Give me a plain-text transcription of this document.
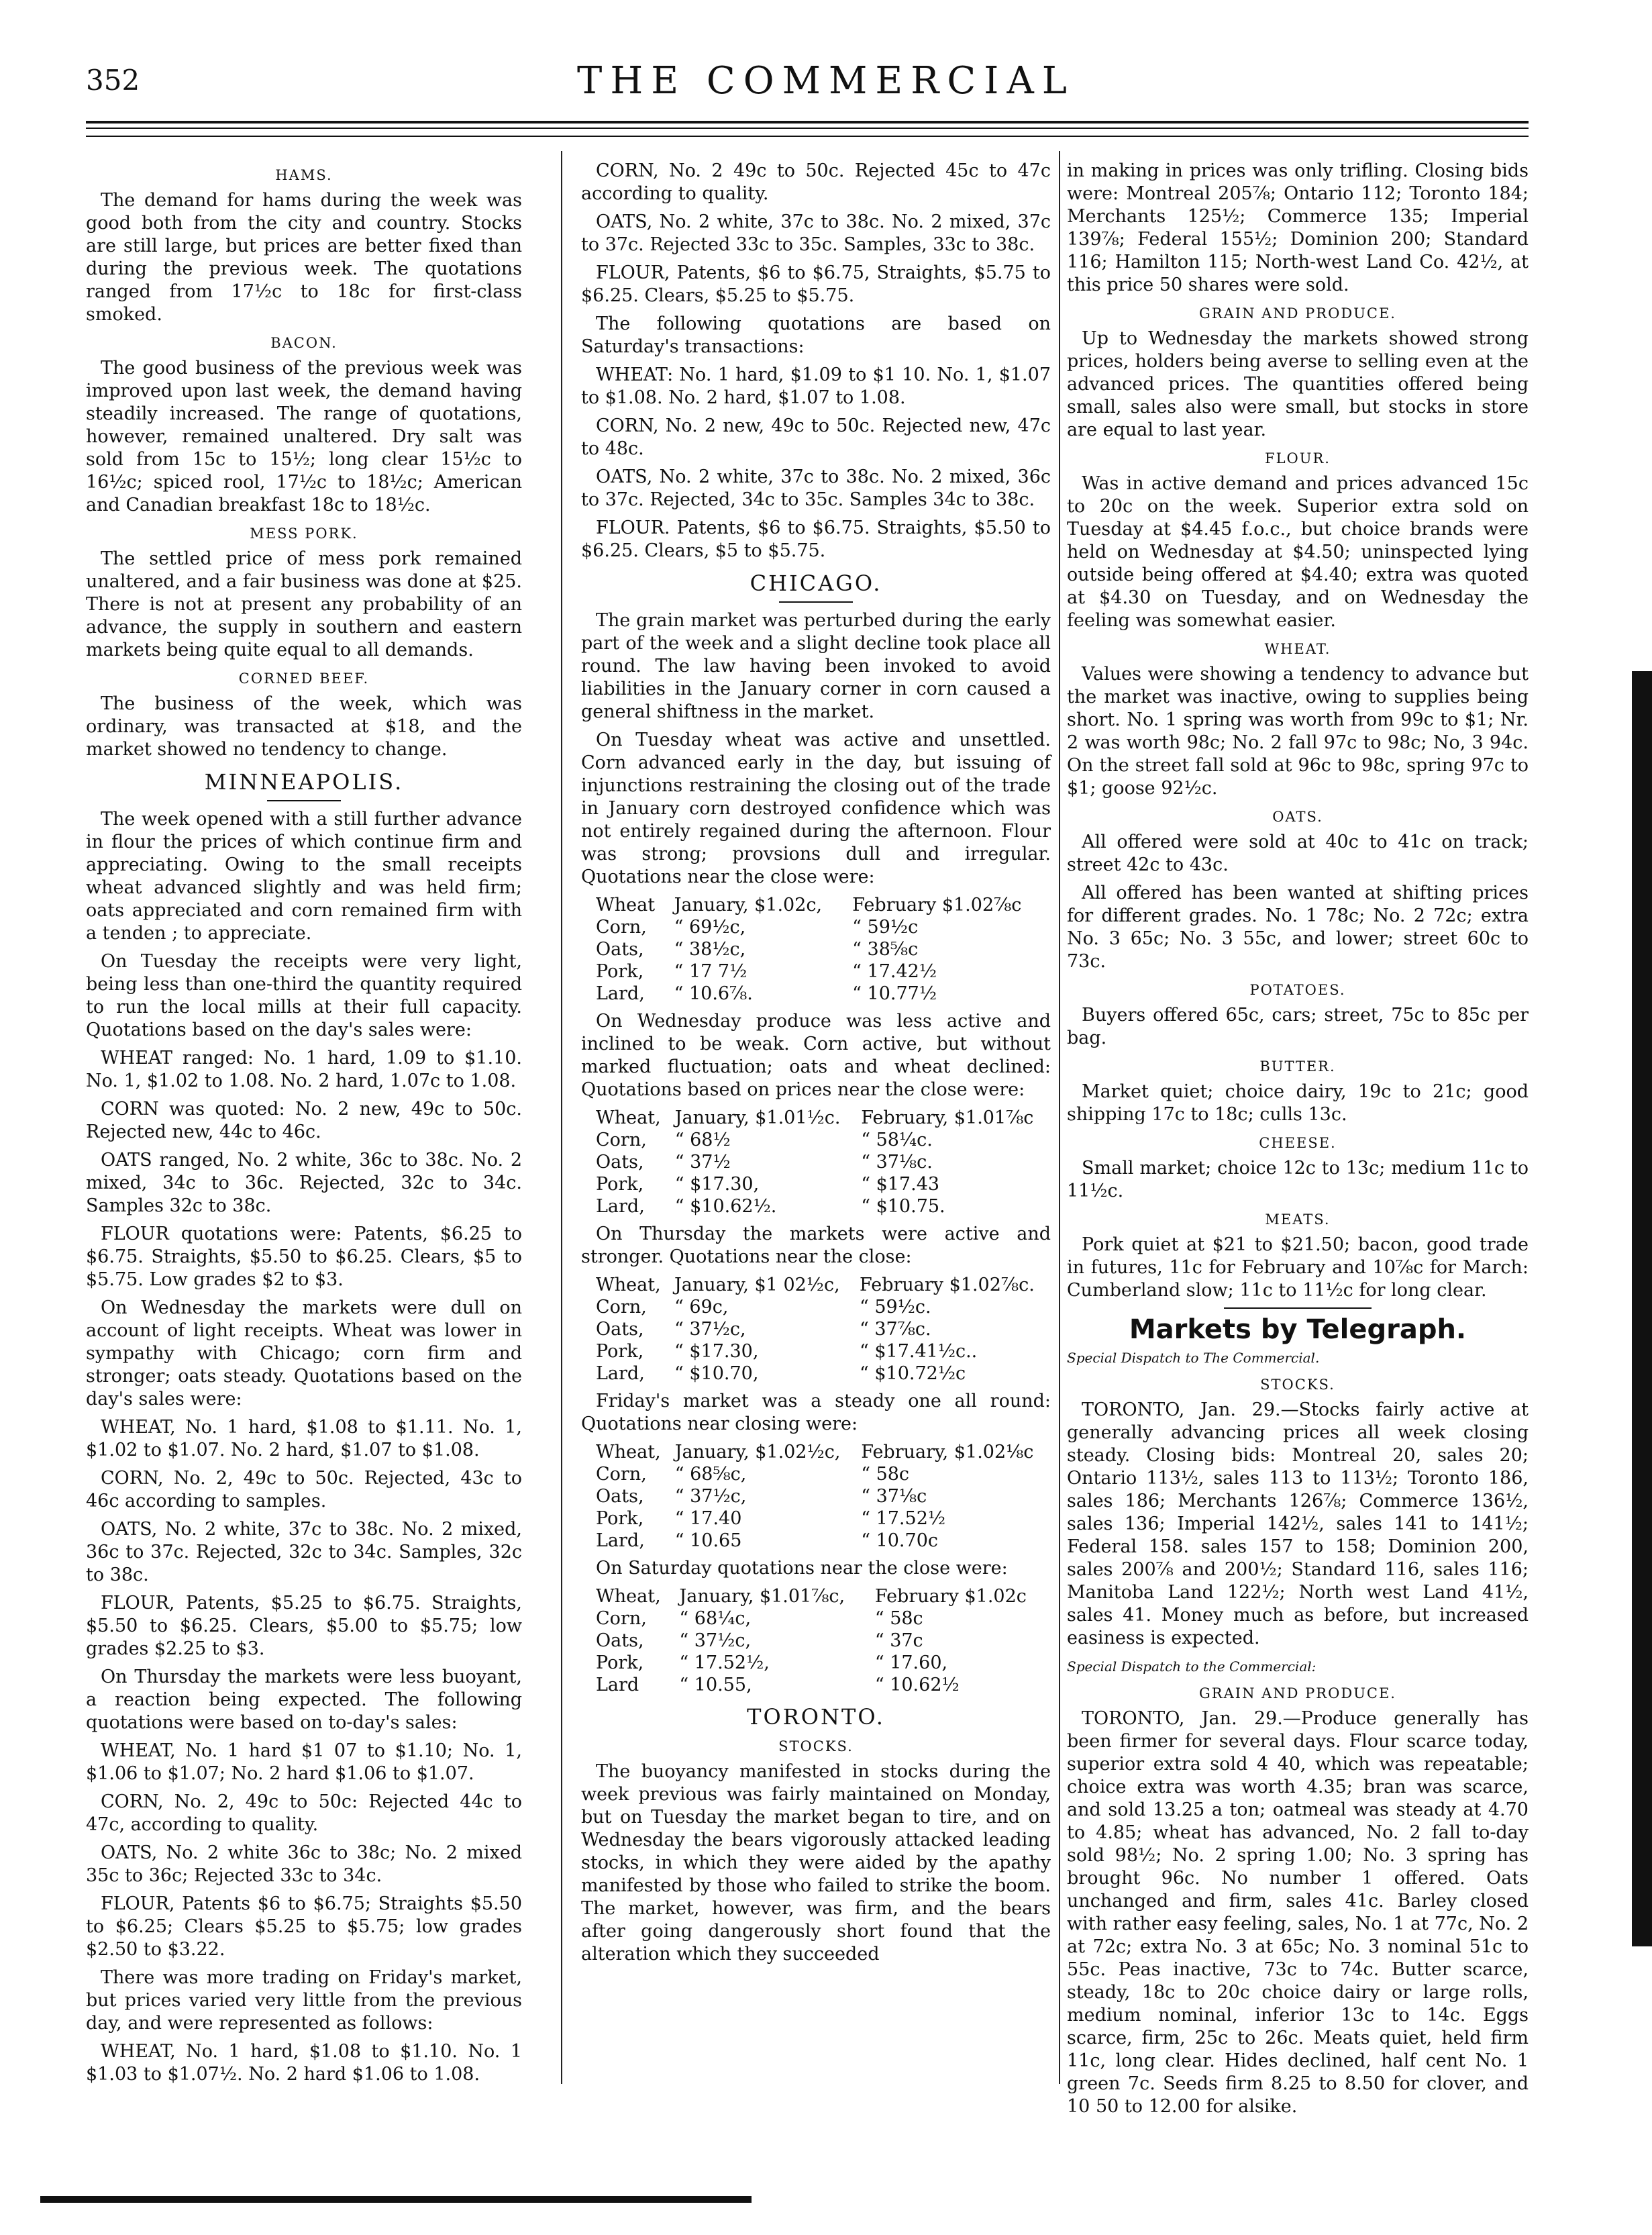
352	THE COMMERCIAL
HAMS.

The demand for hams during the week was good both from the city and country. Stocks are still large, but prices are better fixed than during the previous week. The quotations ranged from 17½c to 18c for first-class smoked.

BACON.

The good business of the previous week was improved upon last week, the demand having steadily increased. The range of quotations, however, remained unaltered. Dry salt was sold from 15c to 15½; long clear 15½c to 16½c; spiced rool, 17½c to 18½c; American and Canadian breakfast 18c to 18½c.

MESS PORK.

The settled price of mess pork remained unaltered, and a fair business was done at $25. There is not at present any probability of an advance, the supply in southern and eastern markets being quite equal to all demands.

CORNED BEEF.

The business of the week, which was ordinary, was transacted at $18, and the market showed no tendency to change.

MINNEAPOLIS.

The week opened with a still further advance in flour the prices of which continue firm and appreciating. Owing to the small receipts wheat advanced slightly and was held firm; oats appreciated and corn remained firm with a tenden ; to appreciate.

On Tuesday the receipts were very light, being less than one-third the quantity required to run the local mills at their full capacity. Quotations based on the day's sales were:

WHEAT ranged: No. 1 hard, 1.09 to $1.10. No. 1, $1.02 to 1.08. No. 2 hard, 1.07c to 1.08.

CORN was quoted: No. 2 new, 49c to 50c. Rejected new, 44c to 46c.

OATS ranged, No. 2 white, 36c to 38c. No. 2 mixed, 34c to 36c. Rejected, 32c to 34c. Samples 32c to 38c.

FLOUR quotations were: Patents, $6.25 to $6.75. Straights, $5.50 to $6.25. Clears, $5 to $5.75. Low grades $2 to $3.

On Wednesday the markets were dull on account of light receipts. Wheat was lower in sympathy with Chicago; corn firm and stronger; oats steady. Quotations based on the day's sales were:

WHEAT, No. 1 hard, $1.08 to $1.11. No. 1, $1.02 to $1.07. No. 2 hard, $1.07 to $1.08.

CORN, No. 2, 49c to 50c. Rejected, 43c to 46c according to samples.

OATS, No. 2 white, 37c to 38c. No. 2 mixed, 36c to 37c. Rejected, 32c to 34c. Samples, 32c to 38c.

FLOUR, Patents, $5.25 to $6.75. Straights, $5.50 to $6.25. Clears, $5.00 to $5.75; low grades $2.25 to $3.

On Thursday the markets were less buoyant, a reaction being expected. The following quotations were based on to-day's sales:

WHEAT, No. 1 hard $1 07 to $1.10; No. 1, $1.06 to $1.07; No. 2 hard $1.06 to $1.07.

CORN, No. 2, 49c to 50c: Rejected 44c to 47c, according to quality.

OATS, No. 2 white 36c to 38c; No. 2 mixed 35c to 36c; Rejected 33c to 34c.

FLOUR, Patents $6 to $6.75; Straights $5.50 to $6.25; Clears $5.25 to $5.75; low grades $2.50 to $3.22.

There was more trading on Friday's market, but prices varied very little from the previous day, and were represented as follows:

WHEAT, No. 1 hard, $1.08 to $1.10. No. 1 $1.03 to $1.07½. No. 2 hard $1.06 to 1.08.

CORN, No. 2 49c to 50c. Rejected 45c to 47c according to quality.

OATS, No. 2 white, 37c to 38c. No. 2 mixed, 37c to 37c. Rejected 33c to 35c. Samples, 33c to 38c.

FLOUR, Patents, $6 to $6.75, Straights, $5.75 to $6.25. Clears, $5.25 to $5.75.

The following quotations are based on Saturday's transactions:

WHEAT: No. 1 hard, $1.09 to $1 10. No. 1, $1.07 to $1.08. No. 2 hard, $1.07 to 1.08.

CORN, No. 2 new, 49c to 50c. Rejected new, 47c to 48c.

OATS, No. 2 white, 37c to 38c. No. 2 mixed, 36c to 37c. Rejected, 34c to 35c. Samples 34c to 38c.

FLOUR. Patents, $6 to $6.75. Straights, $5.50 to $6.25. Clears, $5 to $5.75.

CHICAGO.

The grain market was perturbed during the early part of the week and a slight decline took place all round. The law having been invoked to avoid liabilities in the January corner in corn caused a general shiftness in the market.

On Tuesday wheat was active and unsettled. Corn advanced early in the day, but issuing of injunctions restraining the closing out of the trade in January corn destroyed confidence which was not entirely regained during the afternoon. Flour was strong; provsions dull and irregular. Quotations near the close were:

Wheat	January, $1.02c,	February $1.02⅞c
Corn,	“ 69½c,	“ 59½c
Oats,	“ 38½c,	“ 38⅝c
Pork,	“ 17 7½	“ 17.42½
Lard,	“ 10.6⅞.	“ 10.77½

On Wednesday produce was less active and inclined to be weak. Corn active, but without marked fluctuation; oats and wheat declined: Quotations based on prices near the close were:

Wheat,	January, $1.01½c.	February, $1.01⅞c
Corn,	“ 68½	“ 58¼c.
Oats,	“ 37½	“ 37⅛c.
Pork,	“ $17.30,	“ $17.43
Lard,	“ $10.62½.	“ $10.75.

On Thursday the markets were active and stronger. Quotations near the close:

Wheat,	January, $1 02½c,	February $1.02⅞c.
Corn,	“ 69c,	“ 59½c.
Oats,	“ 37½c,	“ 37⅞c.
Pork,	“ $17.30,	“ $17.41½c..
Lard,	“ $10.70,	“ $10.72½c

Friday's market was a steady one all round: Quotations near closing were:

Wheat,	January, $1.02½c,	February, $1.02⅛c
Corn,	“ 68⅝c,	“ 58c
Oats,	“ 37½c,	“ 37⅛c
Pork,	“ 17.40	“ 17.52½
Lard,	“ 10.65	“ 10.70c

On Saturday quotations near the close were:

Wheat,	January, $1.01⅞c,	February $1.02c
Corn,	“ 68¼c,	“ 58c
Oats,	“ 37½c,	“ 37c
Pork,	“ 17.52½,	“ 17.60,
Lard	“ 10.55,	“ 10.62½
TORONTO.
STOCKS.

The buoyancy manifested in stocks during the week previous was fairly maintained on Monday, but on Tuesday the market began to tire, and on Wednesday the bears vigorously attacked leading stocks, in which they were aided by the apathy manifested by those who failed to strike the boom. The market, however, was firm, and the bears after going dangerously short found that the alteration which they succeeded

in making in prices was only trifling. Closing bids were: Montreal 205⅞; Ontario 112; Toronto 184; Merchants 125½; Commerce 135; Imperial 139⅞; Federal 155½; Dominion 200; Standard 116; Hamilton 115; North-west Land Co. 42½, at this price 50 shares were sold.

GRAIN AND PRODUCE.

Up to Wednesday the markets showed strong prices, holders being averse to selling even at the advanced prices. The quantities offered being small, sales also were small, but stocks in store are equal to last year.

FLOUR.

Was in active demand and prices advanced 15c to 20c on the week. Superior extra sold on Tuesday at $4.45 f.o.c., but choice brands were held on Wednesday at $4.50; uninspected lying outside being offered at $4.40; extra was quoted at $4.30 on Tuesday, and on Wednesday the feeling was somewhat easier.

WHEAT.

Values were showing a tendency to advance but the market was inactive, owing to supplies being short. No. 1 spring was worth from 99c to $1; Nr. 2 was worth 98c; No. 2 fall 97c to 98c; No, 3 94c. On the street fall sold at 96c to 98c, spring 97c to $1; goose 92½c.

OATS.

All offered were sold at 40c to 41c on track; street 42c to 43c.

All offered has been wanted at shifting prices for different grades. No. 1 78c; No. 2 72c; extra No. 3 65c; No. 3 55c, and lower; street 60c to 73c.

POTATOES.

Buyers offered 65c, cars; street, 75c to 85c per bag.

BUTTER.

Market quiet; choice dairy, 19c to 21c; good shipping 17c to 18c; culls 13c.

CHEESE.

Small market; choice 12c to 13c; medium 11c to 11½c.

MEATS.

Pork quiet at $21 to $21.50; bacon, good trade in futures, 11c for February and 10⅞c for March: Cumberland slow; 11c to 11½c for long clear.

Markets by Telegraph.
Special Dispatch to The Commercial.
STOCKS.

TORONTO, Jan. 29.—Stocks fairly active at generally advancing prices all week closing steady. Closing bids: Montreal 20, sales 20; Ontario 113½, sales 113 to 113½; Toronto 186, sales 186; Merchants 126⅞; Commerce 136½, sales 136; Imperial 142½, sales 141 to 141½; Federal 158. sales 157 to 158; Dominion 200, sales 200⅞ and 200½; Standard 116, sales 116; Manitoba Land 122½; North west Land 41½, sales 41. Money much as before, but increased easiness is expected.

Special Dispatch to the Commercial:
GRAIN AND PRODUCE.

TORONTO, Jan. 29.—Produce generally has been firmer for several days. Flour scarce today, superior extra sold 4 40, which was repeatable; choice extra was worth 4.35; bran was scarce, and sold 13.25 a ton; oatmeal was steady at 4.70 to 4.85; wheat has advanced, No. 2 fall to-day sold 98½; No. 2 spring 1.00; No. 3 spring has brought 96c. No number 1 offered. Oats unchanged and firm, sales 41c. Barley closed with rather easy feeling, sales, No. 1 at 77c, No. 2 at 72c; extra No. 3 at 65c; No. 3 nominal 51c to 55c. Peas inactive, 73c to 74c. Butter scarce, steady, 18c to 20c choice dairy or large rolls, medium nominal, inferior 13c to 14c. Eggs scarce, firm, 25c to 26c. Meats quiet, held firm 11c, long clear. Hides declined, half cent No. 1 green 7c. Seeds firm 8.25 to 8.50 for clover, and 10 50 to 12.00 for alsike.
